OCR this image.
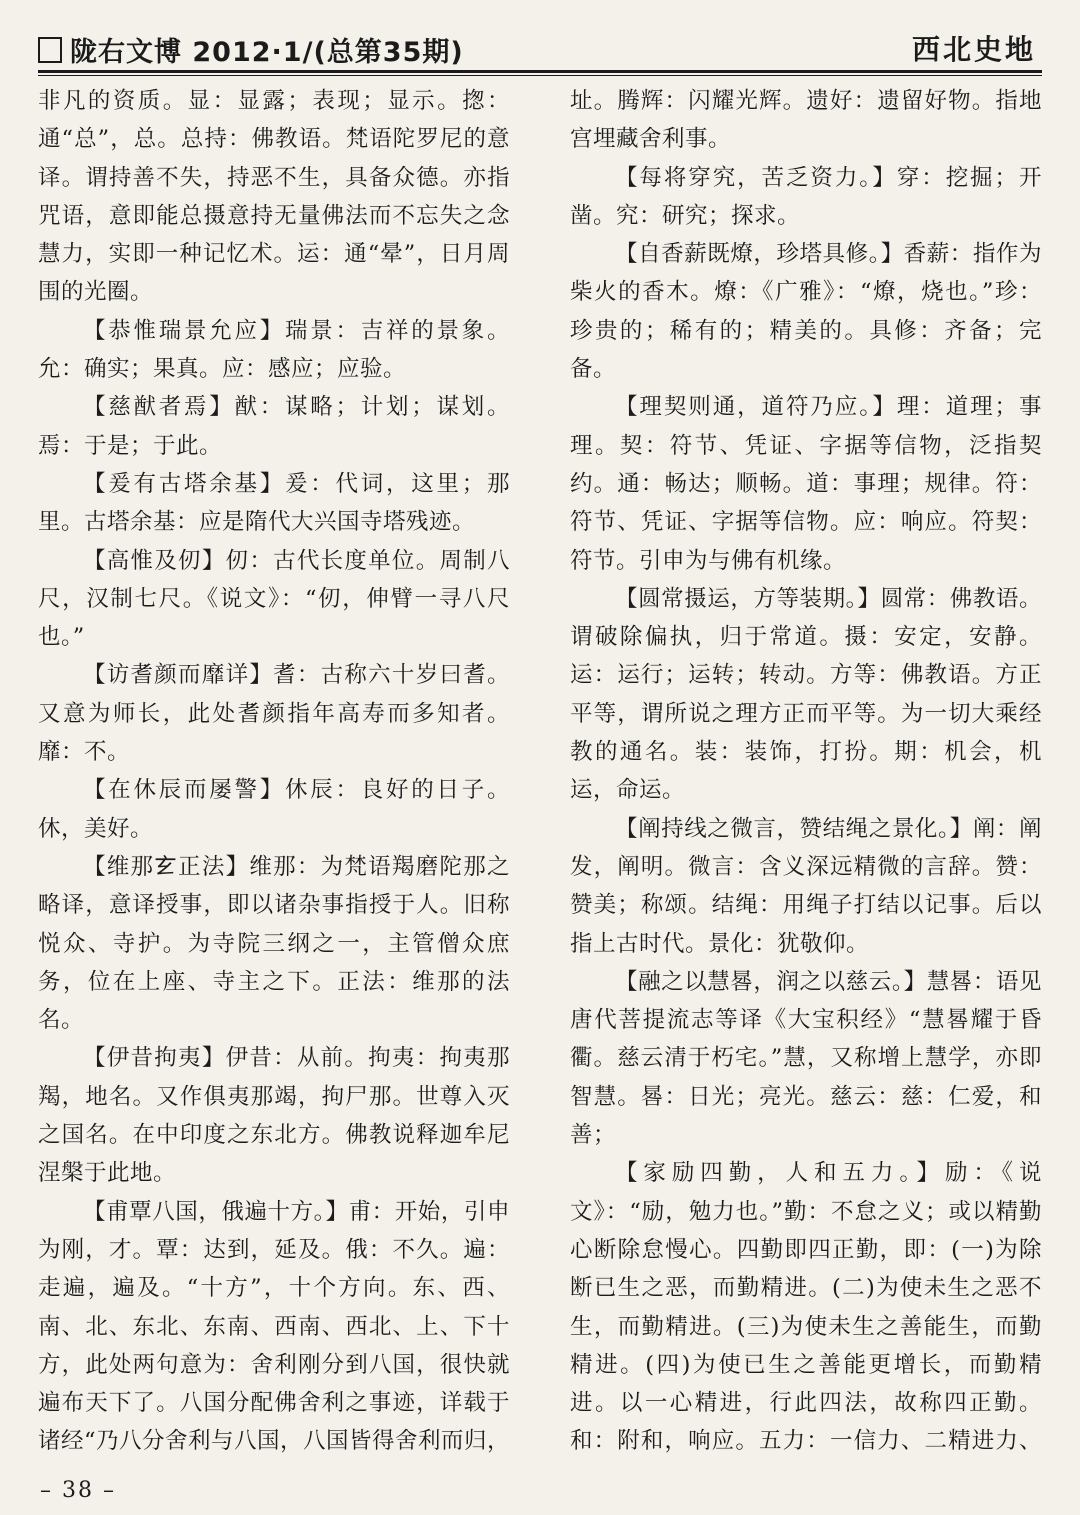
陇右文博 2012·1/(总第35期)	西北史地

非凡的资质。显：显露；表现；显示。揔：通“总”，总。总持：佛教语。梵语陀罗尼的意译。谓持善不失，持恶不生，具备众德。亦指咒语，意即能总摄意持无量佛法而不忘失之念慧力，实即一种记忆术。运：通“晕”，日月周围的光圈。

【恭惟瑞景允应】瑞景：吉祥的景象。允：确实；果真。应：感应；应验。

【慈猷者焉】猷：谋略；计划；谋划。焉：于是；于此。

【爰有古塔余基】爰：代词，这里；那里。古塔余基：应是隋代大兴国寺塔残迹。

【高惟及仞】仞：古代长度单位。周制八尺，汉制七尺。《说文》：“仞，伸臂一寻八尺也。”

【访耆颜而靡详】耆：古称六十岁曰耆。又意为师长，此处耆颜指年高寿而多知者。靡：不。

【在休辰而屡警】休辰：良好的日子。休，美好。

【维那𤣥正法】维那：为梵语羯磨陀那之略译，意译授事，即以诸杂事指授于人。旧称悦众、寺护。为寺院三纲之一，主管僧众庶务，位在上座、寺主之下。正法：维那的法名。

【伊昔拘夷】伊昔：从前。拘夷：拘夷那羯，地名。又作俱夷那竭，拘尸那。世尊入灭之国名。在中印度之东北方。佛教说释迦牟尼涅槃于此地。

【甫覃八国，俄遍十方。】甫：开始，引申为刚，才。覃：达到，延及。俄：不久。遍：走遍，遍及。“十方”，十个方向。东、西、南、北、东北、东南、西南、西北、上、下十方，此处两句意为：舍利刚分到八国，很快就遍布天下了。八国分配佛舍利之事迹，详载于诸经“乃八分舍利与八国，八国皆得舍利而归，

址。腾辉：闪耀光辉。遗好：遗留好物。指地宫埋藏舍利事。

【每将穿究，苦乏资力。】穿：挖掘；开凿。究：研究；探求。

【自香薪既燎，珍塔具修。】香薪：指作为柴火的香木。燎：《广雅》：“燎，烧也。”珍：珍贵的；稀有的；精美的。具修：齐备；完备。

【理契则通，道符乃应。】理：道理；事理。契：符节、凭证、字据等信物，泛指契约。通：畅达；顺畅。道：事理；规律。符：符节、凭证、字据等信物。应：响应。符契：符节。引申为与佛有机缘。

【圆常摄运，方等装期。】圆常：佛教语。谓破除偏执，归于常道。摄：安定，安静。运：运行；运转；转动。方等：佛教语。方正平等，谓所说之理方正而平等。为一切大乘经教的通名。装：装饰，打扮。期：机会，机运，命运。

【阐持线之微言，赞结绳之景化。】阐：阐发，阐明。微言：含义深远精微的言辞。赞：赞美；称颂。结绳：用绳子打结以记事。后以指上古时代。景化：犹敬仰。

【融之以慧晷，润之以慈云。】慧晷：语见唐代菩提流志等译《大宝积经》“慧晷耀于昏衢。慈云清于朽宅。”慧，又称增上慧学，亦即智慧。晷：日光；亮光。慈云：慈：仁爱，和善；

【家励四勤，人和五力。】励：《说文》：“励，勉力也。”勤：不怠之义；或以精勤心断除怠慢心。四勤即四正勤，即：(一)为除断已生之恶，而勤精进。(二)为使未生之恶不生，而勤精进。(三)为使未生之善能生，而勤精进。(四)为使已生之善能更增长，而勤精进。以一心精进，行此四法，故称四正勤。和：附和，响应。五力：一信力、二精进力、

– 38 –
